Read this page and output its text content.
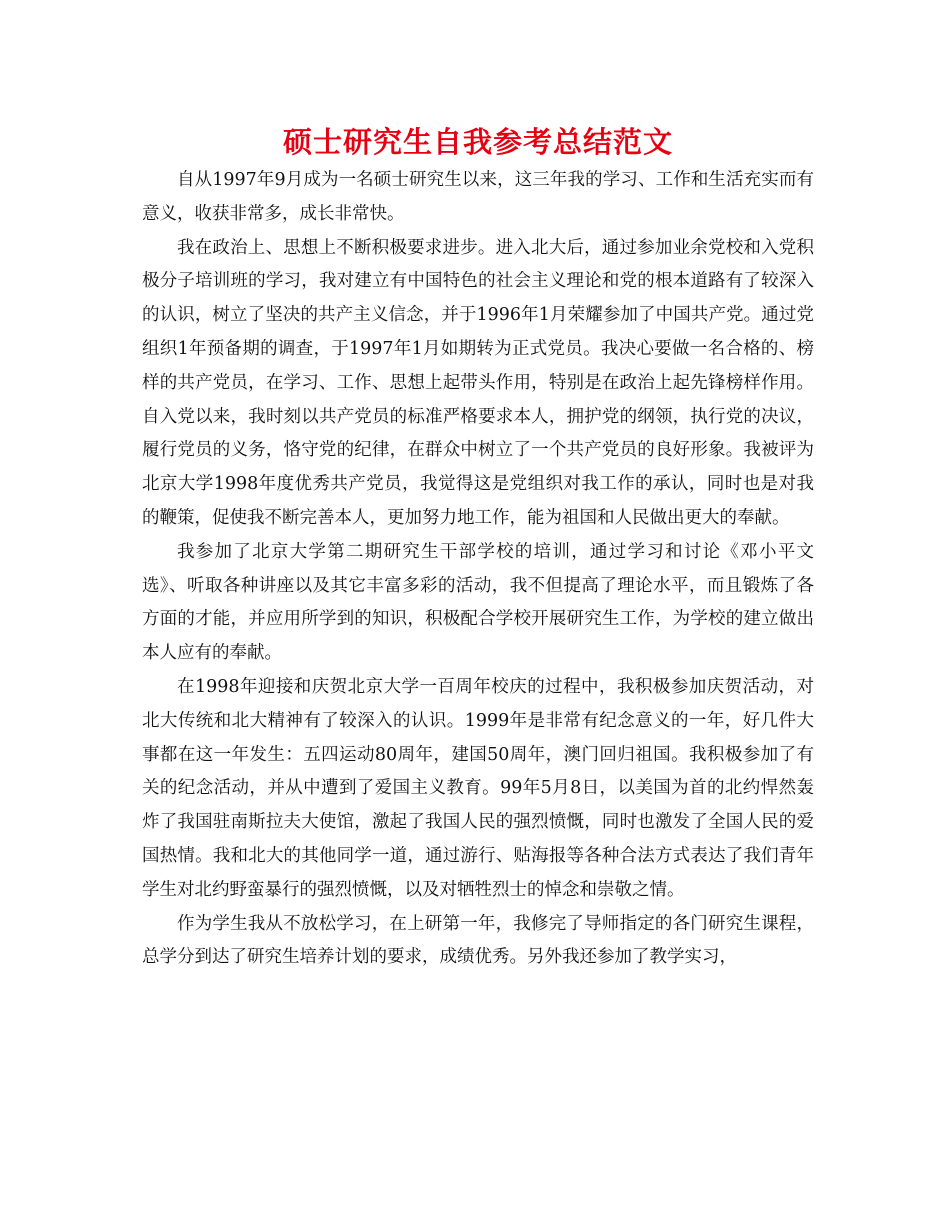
硕士研究生自我参考总结范文

自从1997年9月成为一名硕士研究生以来，这三年我的学习、工作和生活充实而有意义，收获非常多，成长非常快。

我在政治上、思想上不断积极要求进步。进入北大后，通过参加业余党校和入党积极分子培训班的学习，我对建立有中国特色的社会主义理论和党的根本道路有了较深入的认识，树立了坚决的共产主义信念，并于1996年1月荣耀参加了中国共产党。通过党组织1年预备期的调查，于1997年1月如期转为正式党员。我决心要做一名合格的、榜样的共产党员，在学习、工作、思想上起带头作用，特别是在政治上起先锋榜样作用。自入党以来，我时刻以共产党员的标准严格要求本人，拥护党的纲领，执行党的决议，履行党员的义务，恪守党的纪律，在群众中树立了一个共产党员的良好形象。我被评为北京大学1998年度优秀共产党员，我觉得这是党组织对我工作的承认，同时也是对我的鞭策，促使我不断完善本人，更加努力地工作，能为祖国和人民做出更大的奉献。

我参加了北京大学第二期研究生干部学校的培训，通过学习和讨论《邓小平文选》、听取各种讲座以及其它丰富多彩的活动，我不但提高了理论水平，而且锻炼了各方面的才能，并应用所学到的知识，积极配合学校开展研究生工作，为学校的建立做出本人应有的奉献。

在1998年迎接和庆贺北京大学一百周年校庆的过程中，我积极参加庆贺活动，对北大传统和北大精神有了较深入的认识。1999年是非常有纪念意义的一年，好几件大事都在这一年发生：五四运动80周年，建国50周年，澳门回归祖国。我积极参加了有关的纪念活动，并从中遭到了爱国主义教育。99年5月8日，以美国为首的北约悍然轰炸了我国驻南斯拉夫大使馆，激起了我国人民的强烈愤慨，同时也激发了全国人民的爱国热情。我和北大的其他同学一道，通过游行、贴海报等各种合法方式表达了我们青年学生对北约野蛮暴行的强烈愤慨，以及对牺牲烈士的悼念和崇敬之情。

作为学生我从不放松学习，在上研第一年，我修完了导师指定的各门研究生课程，总学分到达了研究生培养计划的要求，成绩优秀。另外我还参加了教学实习，
